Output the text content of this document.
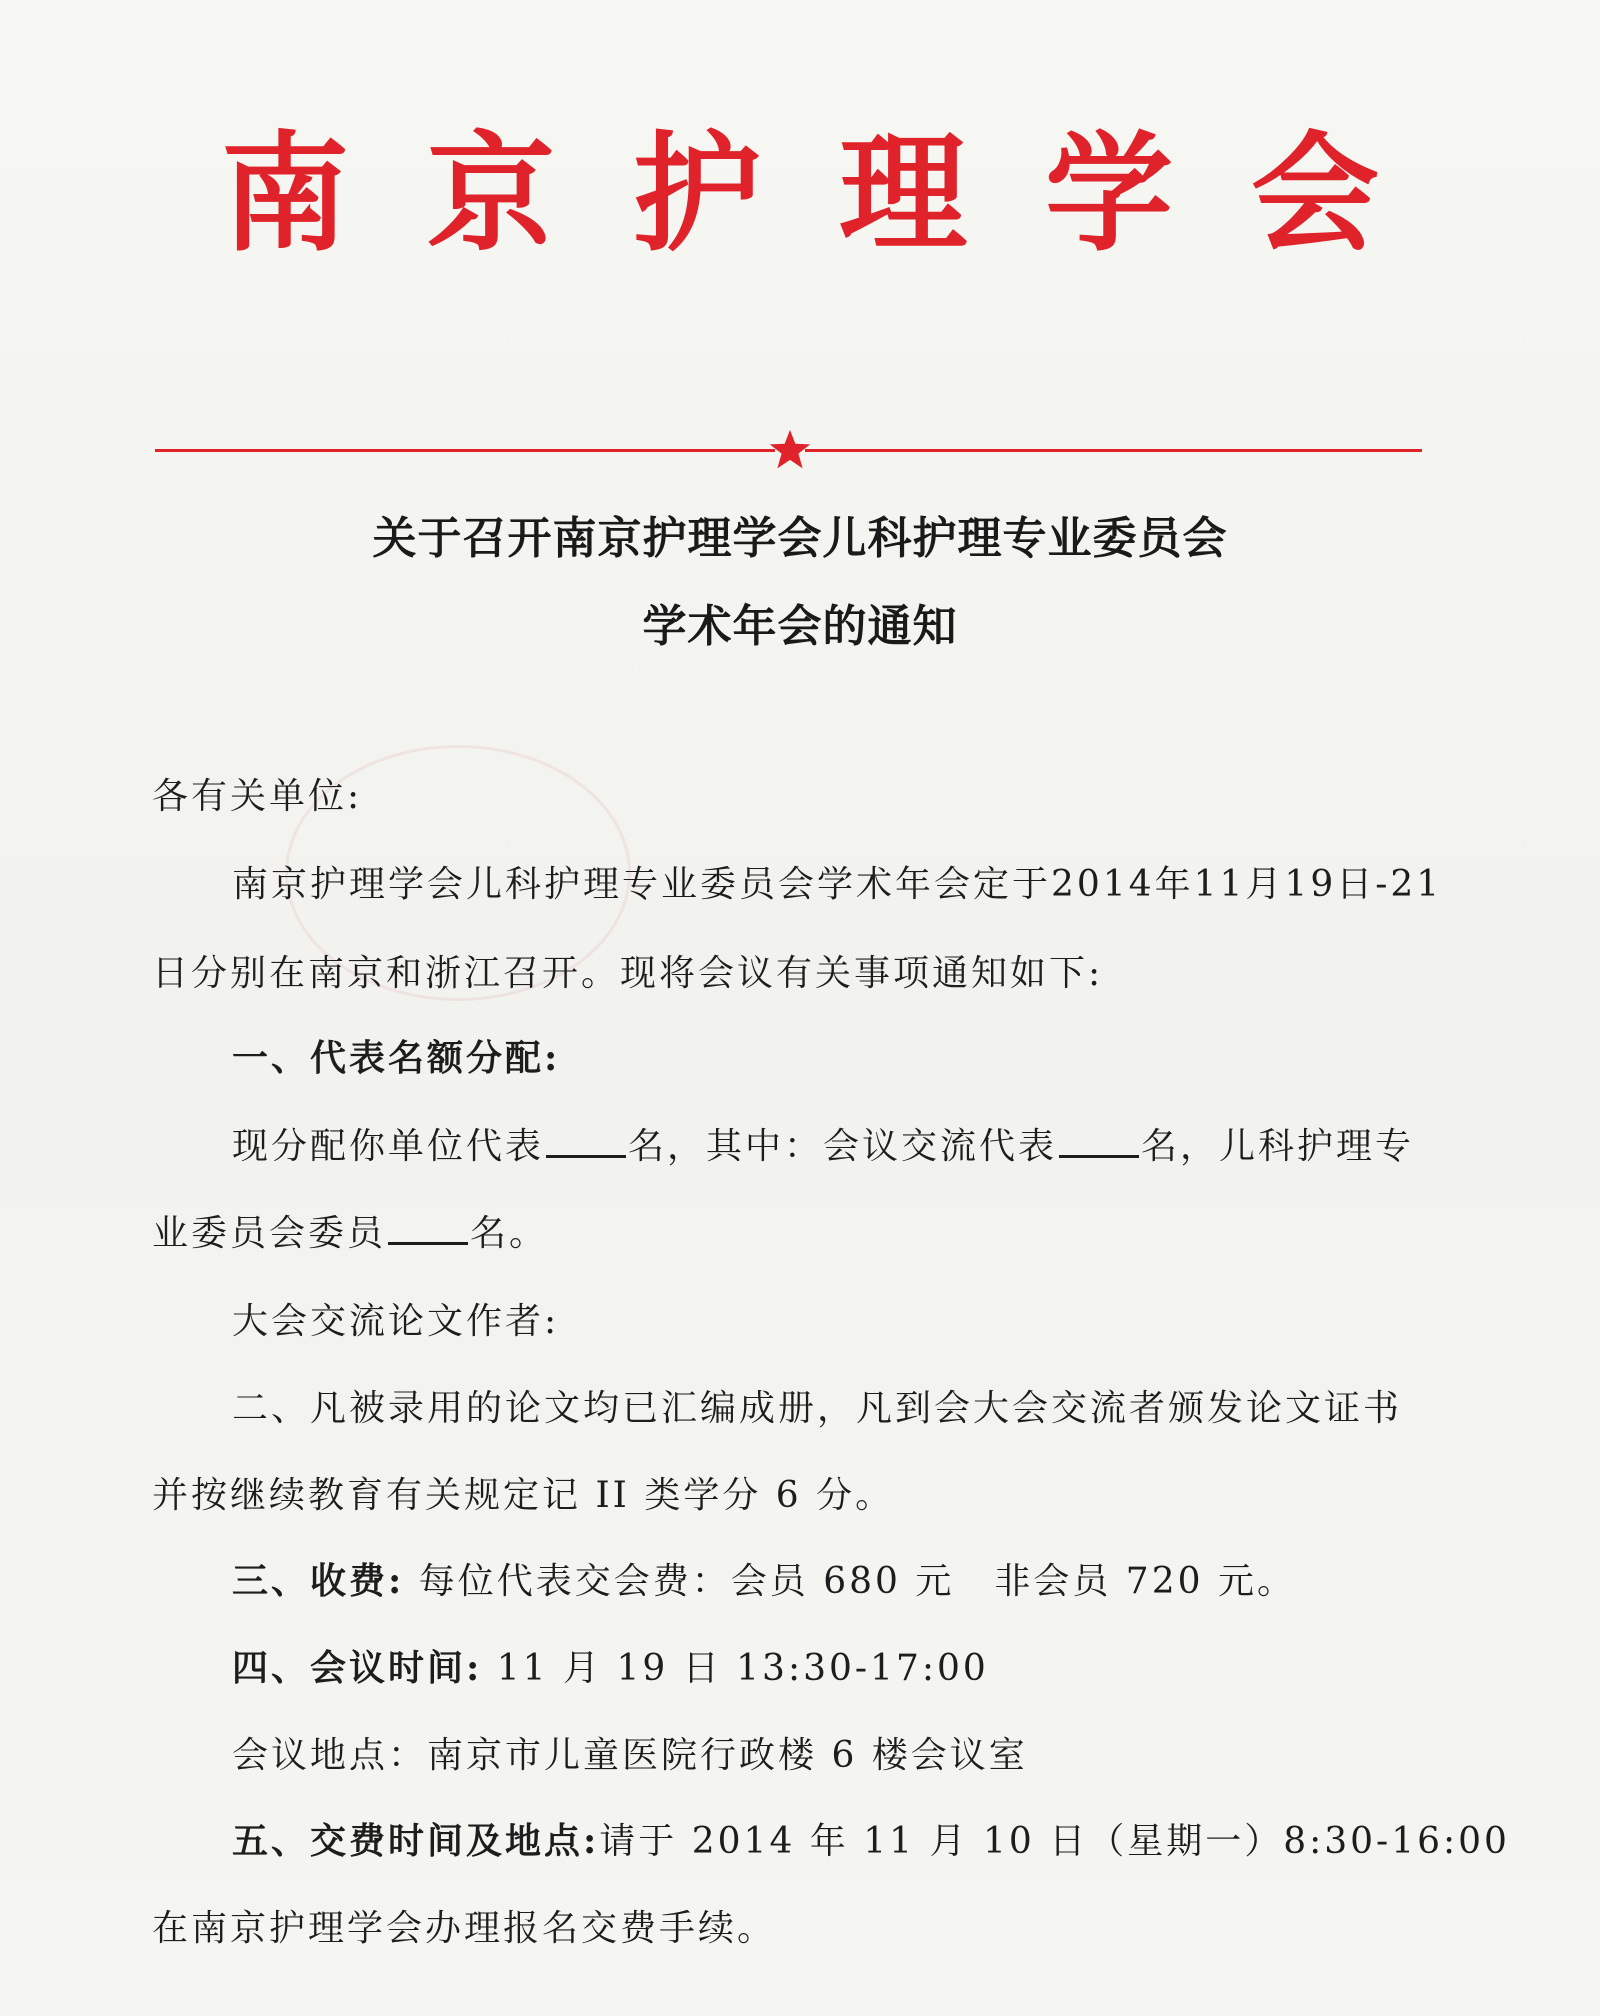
南 京 护 理 学 会
关于召开南京护理学会儿科护理专业委员会
学术年会的通知
各有关单位:
南京护理学会儿科护理专业委员会学术年会定于2014年11月19日-21
日分别在南京和浙江召开。现将会议有关事项通知如下:
一、代表名额分配:
现分配你单位代表 名，其中：会议交流代表 名，儿科护理专
业委员会委员 名。
大会交流论文作者:
二、凡被录用的论文均已汇编成册，凡到会大会交流者颁发论文证书
并按继续教育有关规定记 II 类学分 6 分。
三、收费: 每位代表交会费：会员 680 元 非会员 720 元。
四、会议时间: 11 月 19 日 13:30-17:00
会议地点：南京市儿童医院行政楼 6 楼会议室
五、交费时间及地点:请于 2014 年 11 月 10 日（星期一）8:30-16:00
在南京护理学会办理报名交费手续。
